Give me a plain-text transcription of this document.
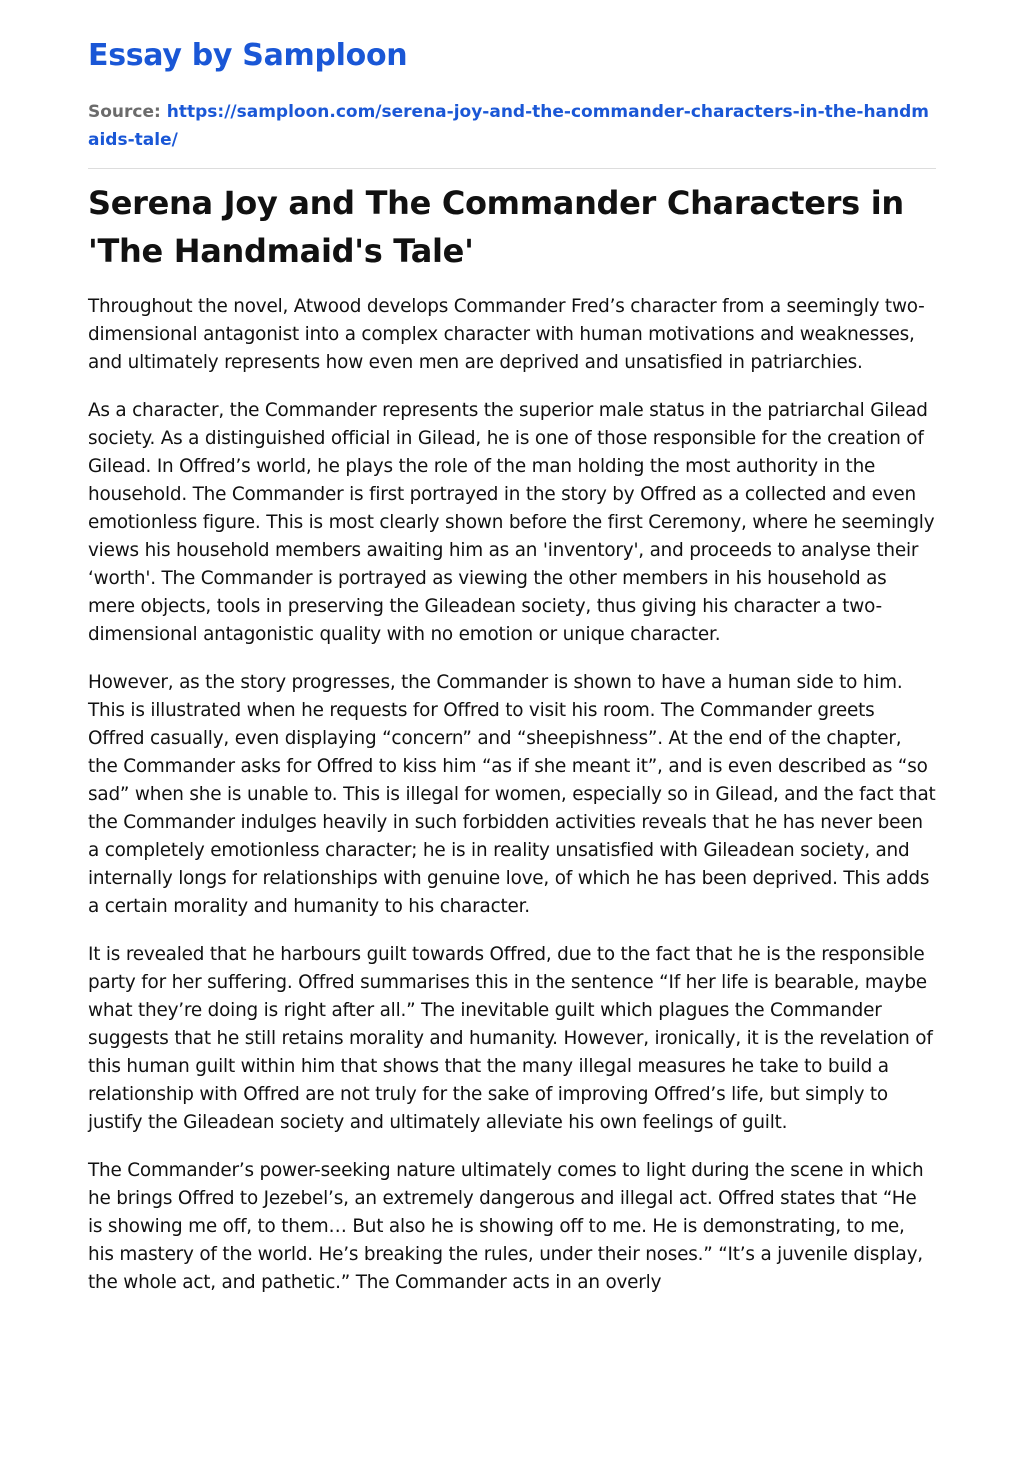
Essay by Samploon
Source: https://samploon.com/serena-joy-and-the-commander-characters-in-the-handmaids-tale/
Serena Joy and The Commander Characters in 'The Handmaid's Tale'

Throughout the novel, Atwood develops Commander Fred’s character from a seemingly two-dimensional antagonist into a complex character with human motivations and weaknesses, and ultimately represents how even men are deprived and unsatisfied in patriarchies.

As a character, the Commander represents the superior male status in the patriarchal Gilead society. As a distinguished official in Gilead, he is one of those responsible for the creation of Gilead. In Offred’s world, he plays the role of the man holding the most authority in the household. The Commander is first portrayed in the story by Offred as a collected and even emotionless figure. This is most clearly shown before the first Ceremony, where he seemingly views his household members awaiting him as an 'inventory', and proceeds to analyse their ‘worth'. The Commander is portrayed as viewing the other members in his household as mere objects, tools in preserving the Gileadean society, thus giving his character a two-dimensional antagonistic quality with no emotion or unique character.

However, as the story progresses, the Commander is shown to have a human side to him. This is illustrated when he requests for Offred to visit his room. The Commander greets Offred casually, even displaying “concern” and “sheepishness”. At the end of the chapter, the Commander asks for Offred to kiss him “as if she meant it”, and is even described as “so sad” when she is unable to. This is illegal for women, especially so in Gilead, and the fact that the Commander indulges heavily in such forbidden activities reveals that he has never been a completely emotionless character; he is in reality unsatisfied with Gileadean society, and internally longs for relationships with genuine love, of which he has been deprived. This adds a certain morality and humanity to his character.

It is revealed that he harbours guilt towards Offred, due to the fact that he is the responsible party for her suffering. Offred summarises this in the sentence “If her life is bearable, maybe what they’re doing is right after all.” The inevitable guilt which plagues the Commander suggests that he still retains morality and humanity. However, ironically, it is the revelation of this human guilt within him that shows that the many illegal measures he take to build a relationship with Offred are not truly for the sake of improving Offred’s life, but simply to justify the Gileadean society and ultimately alleviate his own feelings of guilt.

The Commander’s power-seeking nature ultimately comes to light during the scene in which he brings Offred to Jezebel’s, an extremely dangerous and illegal act. Offred states that “He is showing me off, to them… But also he is showing off to me. He is demonstrating, to me, his mastery of the world. He’s breaking the rules, under their noses.” “It’s a juvenile display, the whole act, and pathetic.” The Commander acts in an overly
